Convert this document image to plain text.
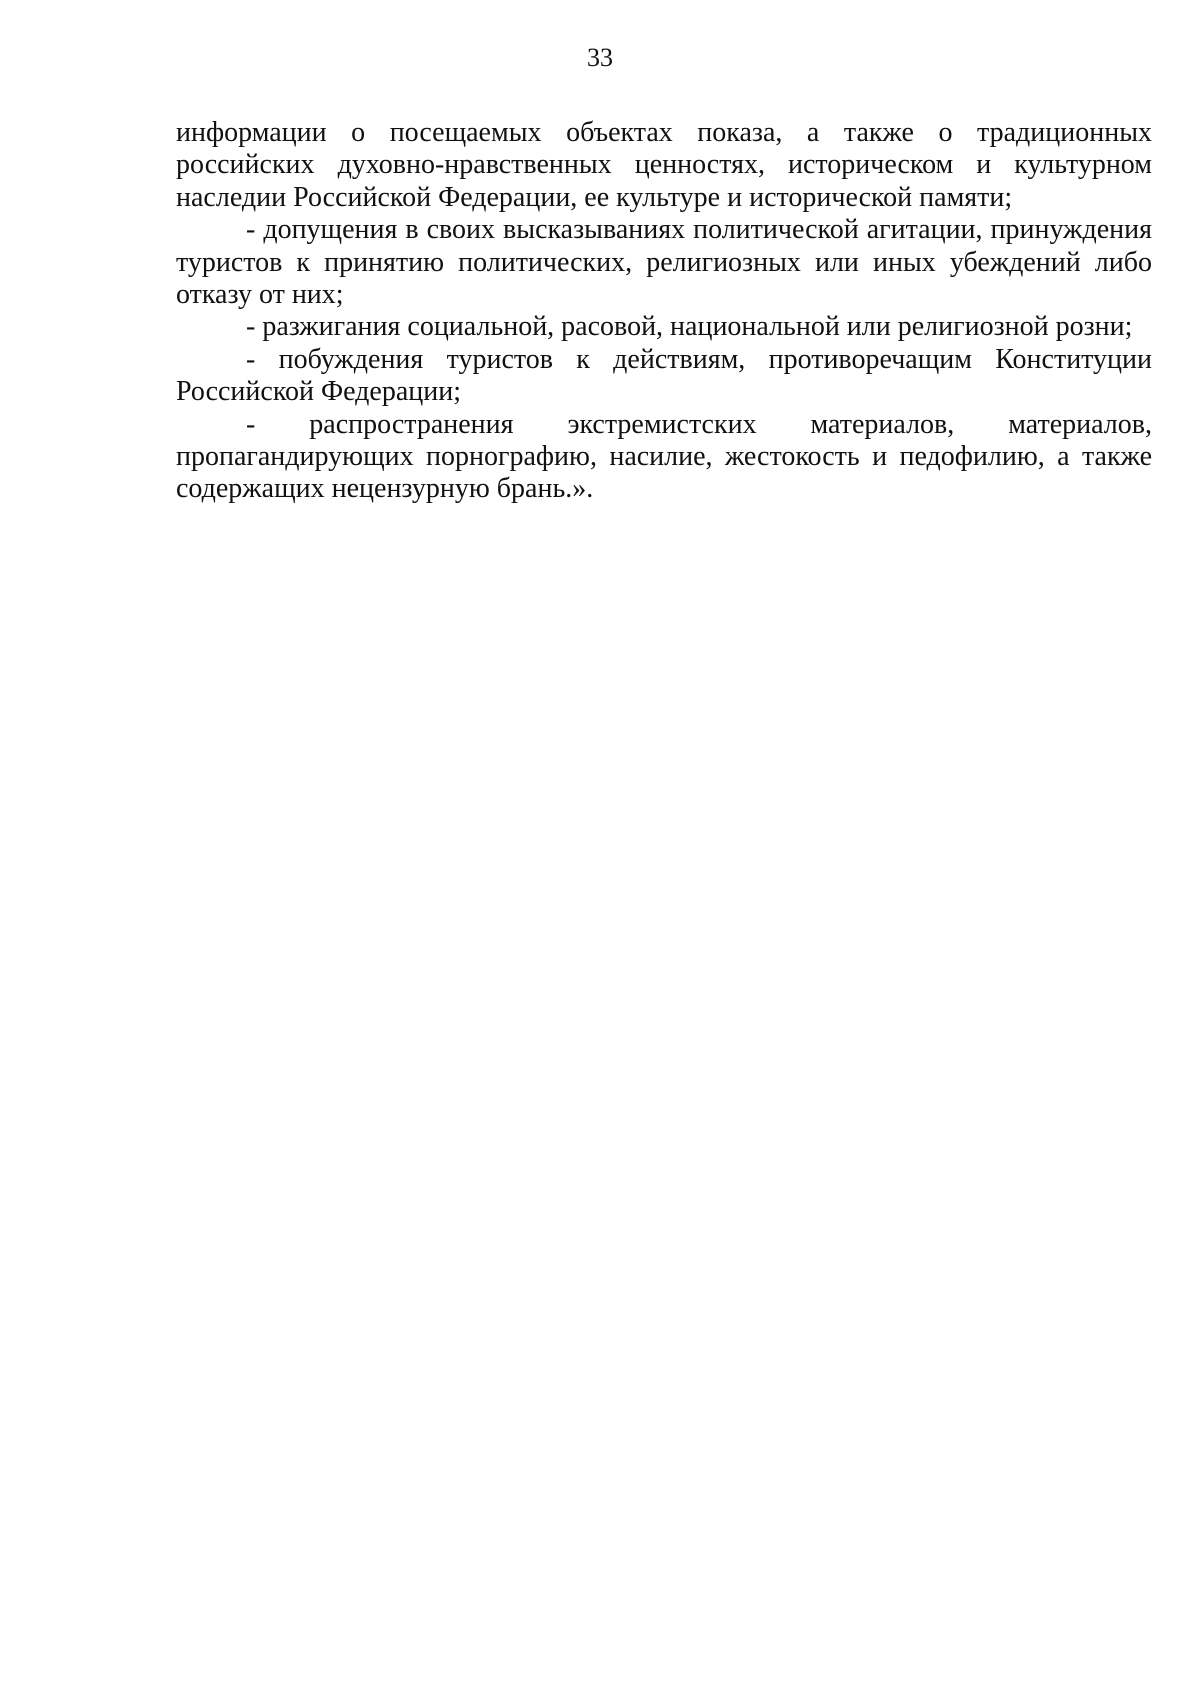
33

информации о посещаемых объектах показа, а также о традиционных российских духовно-нравственных ценностях, историческом и культурном наследии Российской Федерации, ее культуре и исторической памяти;

- допущения в своих высказываниях политической агитации, принуждения туристов к принятию политических, религиозных или иных убеждений либо отказу от них;

- разжигания социальной, расовой, национальной или религиозной розни;

- побуждения туристов к действиям, противоречащим Конституции Российской Федерации;

- распространения экстремистских материалов, материалов, пропагандирующих порнографию, насилие, жестокость и педофилию, а также содержащих нецензурную брань.».
